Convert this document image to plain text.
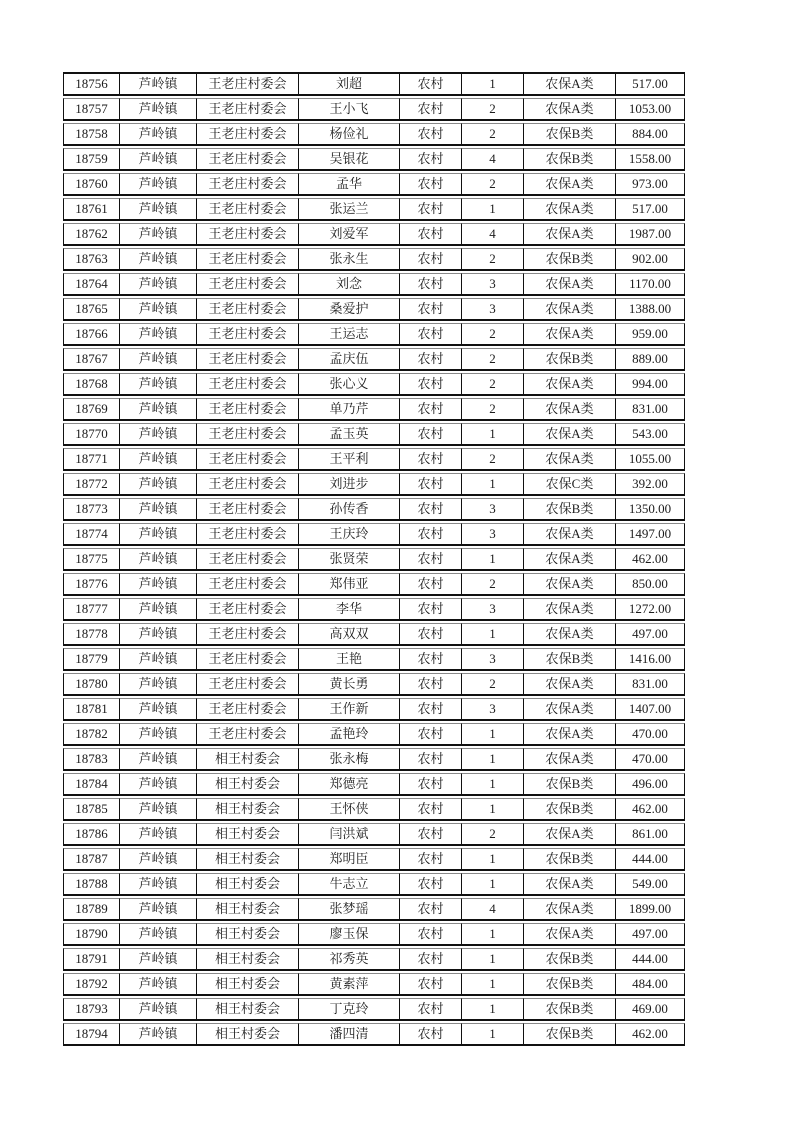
18756	芦岭镇	王老庄村委会	刘超	农村	1	农保A类	517.00
18757	芦岭镇	王老庄村委会	王小飞	农村	2	农保A类	1053.00
18758	芦岭镇	王老庄村委会	杨俭礼	农村	2	农保B类	884.00
18759	芦岭镇	王老庄村委会	吴银花	农村	4	农保B类	1558.00
18760	芦岭镇	王老庄村委会	孟华	农村	2	农保A类	973.00
18761	芦岭镇	王老庄村委会	张运兰	农村	1	农保A类	517.00
18762	芦岭镇	王老庄村委会	刘爱军	农村	4	农保A类	1987.00
18763	芦岭镇	王老庄村委会	张永生	农村	2	农保B类	902.00
18764	芦岭镇	王老庄村委会	刘念	农村	3	农保A类	1170.00
18765	芦岭镇	王老庄村委会	桑爱护	农村	3	农保A类	1388.00
18766	芦岭镇	王老庄村委会	王运志	农村	2	农保A类	959.00
18767	芦岭镇	王老庄村委会	孟庆伍	农村	2	农保B类	889.00
18768	芦岭镇	王老庄村委会	张心义	农村	2	农保A类	994.00
18769	芦岭镇	王老庄村委会	单乃芹	农村	2	农保A类	831.00
18770	芦岭镇	王老庄村委会	孟玉英	农村	1	农保A类	543.00
18771	芦岭镇	王老庄村委会	王平利	农村	2	农保A类	1055.00
18772	芦岭镇	王老庄村委会	刘进步	农村	1	农保C类	392.00
18773	芦岭镇	王老庄村委会	孙传香	农村	3	农保B类	1350.00
18774	芦岭镇	王老庄村委会	王庆玲	农村	3	农保A类	1497.00
18775	芦岭镇	王老庄村委会	张贤荣	农村	1	农保A类	462.00
18776	芦岭镇	王老庄村委会	郑伟亚	农村	2	农保A类	850.00
18777	芦岭镇	王老庄村委会	李华	农村	3	农保A类	1272.00
18778	芦岭镇	王老庄村委会	高双双	农村	1	农保A类	497.00
18779	芦岭镇	王老庄村委会	王艳	农村	3	农保B类	1416.00
18780	芦岭镇	王老庄村委会	黄长勇	农村	2	农保A类	831.00
18781	芦岭镇	王老庄村委会	王作新	农村	3	农保A类	1407.00
18782	芦岭镇	王老庄村委会	孟艳玲	农村	1	农保A类	470.00
18783	芦岭镇	相王村委会	张永梅	农村	1	农保A类	470.00
18784	芦岭镇	相王村委会	郑德亮	农村	1	农保B类	496.00
18785	芦岭镇	相王村委会	王怀侠	农村	1	农保B类	462.00
18786	芦岭镇	相王村委会	闫洪斌	农村	2	农保A类	861.00
18787	芦岭镇	相王村委会	郑明臣	农村	1	农保B类	444.00
18788	芦岭镇	相王村委会	牛志立	农村	1	农保A类	549.00
18789	芦岭镇	相王村委会	张梦瑶	农村	4	农保A类	1899.00
18790	芦岭镇	相王村委会	廖玉保	农村	1	农保A类	497.00
18791	芦岭镇	相王村委会	祁秀英	农村	1	农保B类	444.00
18792	芦岭镇	相王村委会	黄素萍	农村	1	农保B类	484.00
18793	芦岭镇	相王村委会	丁克玲	农村	1	农保B类	469.00
18794	芦岭镇	相王村委会	潘四清	农村	1	农保B类	462.00
